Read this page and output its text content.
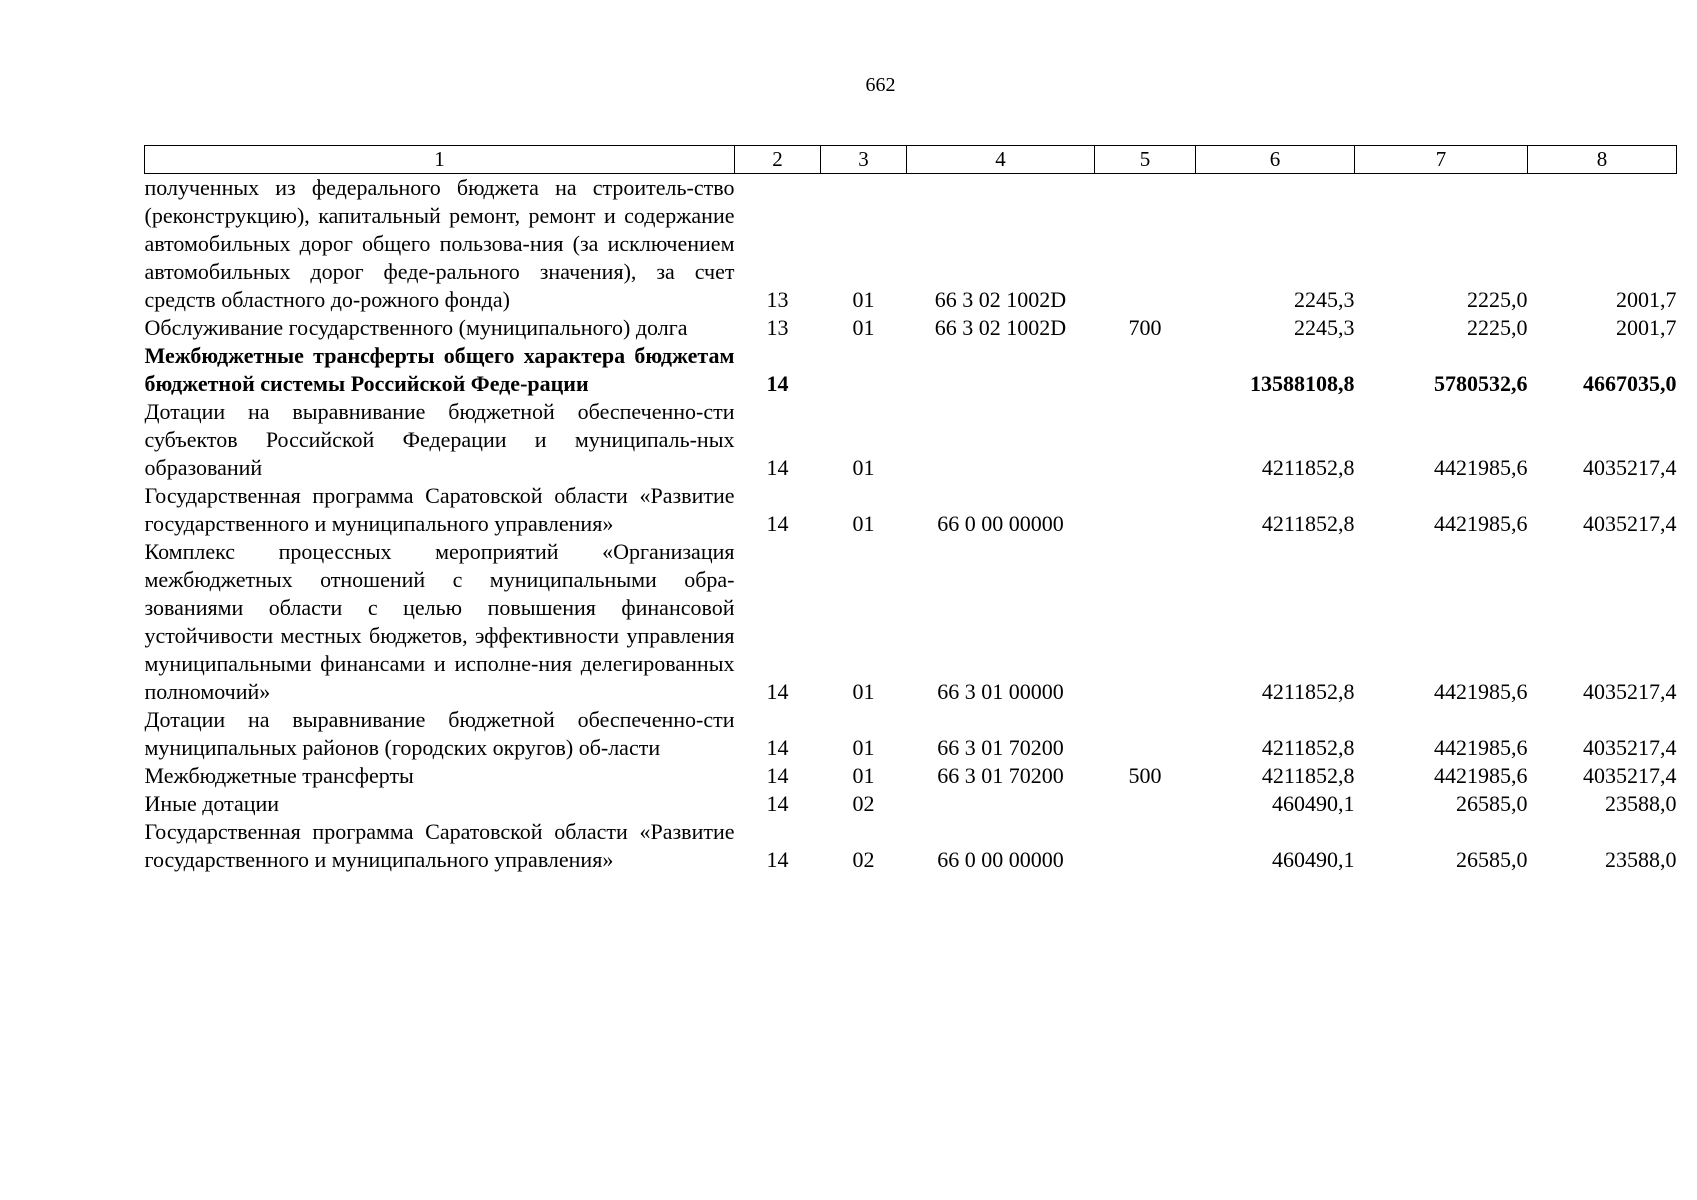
662
1	2	3	4	5	6	7	8
полученных из федерального бюджета на строитель-ство (реконструкцию), капитальный ремонт, ремонт и содержание автомобильных дорог общего пользова-ния (за исключением автомобильных дорог феде-рального значения), за счет средств областного до-рожного фонда)	13	01	66 3 02 1002D		2245,3	2225,0	2001,7
Обслуживание государственного (муниципального) долга	13	01	66 3 02 1002D	700	2245,3	2225,0	2001,7
Межбюджетные трансферты общего характера бюджетам бюджетной системы Российской Феде-рации	14				13588108,8	5780532,6	4667035,0
Дотации на выравнивание бюджетной обеспеченно-сти субъектов Российской Федерации и муниципаль-ных образований	14	01			4211852,8	4421985,6	4035217,4
Государственная программа Саратовской области «Развитие государственного и муниципального управления»	14	01	66 0 00 00000		4211852,8	4421985,6	4035217,4
Комплекс процессных мероприятий «Организация межбюджетных отношений с муниципальными обра-зованиями области с целью повышения финансовой устойчивости местных бюджетов, эффективности управления муниципальными финансами и исполне-ния делегированных полномочий»	14	01	66 3 01 00000		4211852,8	4421985,6	4035217,4
Дотации на выравнивание бюджетной обеспеченно-сти муниципальных районов (городских округов) об-ласти	14	01	66 3 01 70200		4211852,8	4421985,6	4035217,4
Межбюджетные трансферты	14	01	66 3 01 70200	500	4211852,8	4421985,6	4035217,4
Иные дотации	14	02			460490,1	26585,0	23588,0
Государственная программа Саратовской области «Развитие государственного и муниципального управления»	14	02	66 0 00 00000		460490,1	26585,0	23588,0
